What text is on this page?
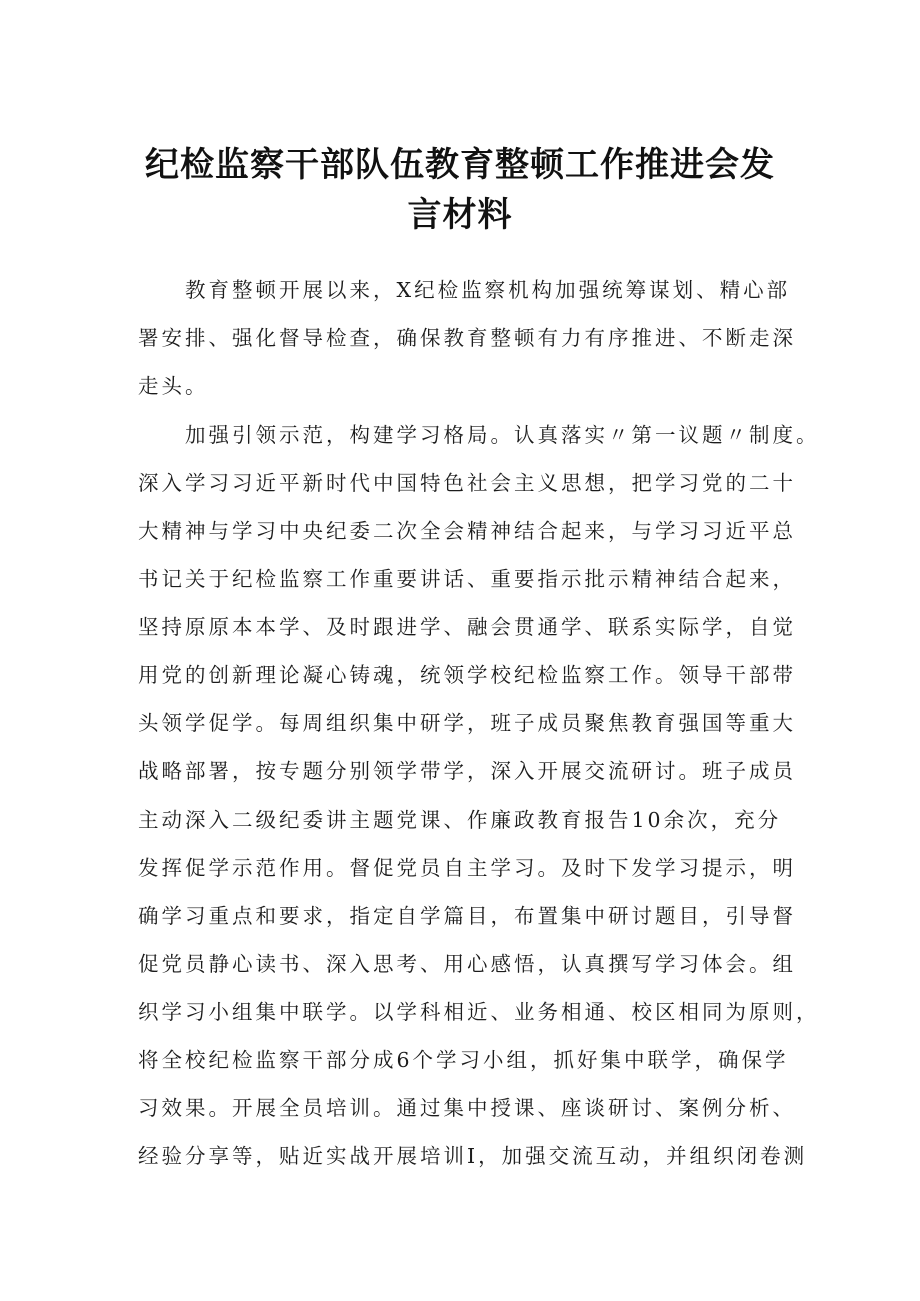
纪检监察干部队伍教育整顿工作推进会发
言材料
　　教育整顿开展以来，X纪检监察机构加强统筹谋划、精心部
署安排、强化督导检查，确保教育整顿有力有序推进、不断走深
走头。
　　加强引领示范，构建学习格局。认真落实〃第一议题〃制度。
深入学习习近平新时代中国特色社会主义思想，把学习党的二十
大精神与学习中央纪委二次全会精神结合起来，与学习习近平总
书记关于纪检监察工作重要讲话、重要指示批示精神结合起来，
坚持原原本本学、及时跟进学、融会贯通学、联系实际学，自觉
用党的创新理论凝心铸魂，统领学校纪检监察工作。领导干部带
头领学促学。每周组织集中研学，班子成员聚焦教育强国等重大
战略部署，按专题分别领学带学，深入开展交流研讨。班子成员
主动深入二级纪委讲主题党课、作廉政教育报告10余次，充分
发挥促学示范作用。督促党员自主学习。及时下发学习提示，明
确学习重点和要求，指定自学篇目，布置集中研讨题目，引导督
促党员静心读书、深入思考、用心感悟，认真撰写学习体会。组
织学习小组集中联学。以学科相近、业务相通、校区相同为原则，
将全校纪检监察干部分成6个学习小组，抓好集中联学，确保学
习效果。开展全员培训。通过集中授课、座谈研讨、案例分析、
经验分享等，贴近实战开展培训I，加强交流互动，并组织闭卷测
